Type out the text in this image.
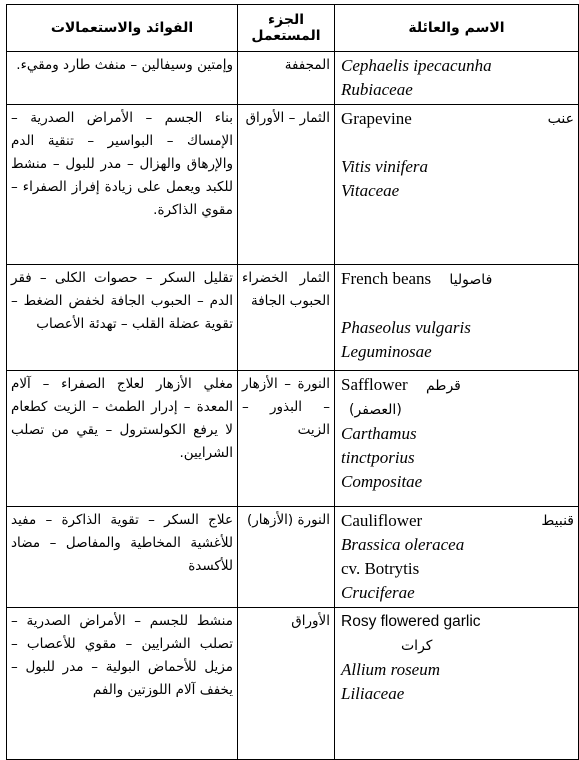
الفوائد والاستعمالات	الجزء المستعمل	الاسم والعائلة
وإمتين وسيفالين – منفث طارد ومقيء.	المجففة	Cephaelis ipecacunha
Rubiaceae

بناء الجسم – الأمراض الصدرية – الإمساك – البواسير – تنقية الدم والإرهاق والهزال – مدر للبول – منشط للكبد ويعمل على زيادة إفراز الصفراء – مقوي الذاكرة.	الثمار – الأوراق	Grapevine عنب
Vitis vinifera
Vitaceae

تقليل السكر – حصوات الكلى – فقر الدم – الحبوب الجافة لخفض الضغط – تقوية عضلة القلب – تهدئة الأعصاب	الثمار الخضراء الحبوب الجافة	French beans فاصوليا
Phaseolus vulgaris
Leguminosae

مغلي الأزهار لعلاج الصفراء – آلام المعدة – إدرار الطمث – الزيت كطعام لا يرفع الكولسترول – يقي من تصلب الشرايين.	النورة – الأزهار – البذور – الزيت	Safflower قرطم
(العصفر)
Carthamus
tinctporius
Compositae

علاج السكر – تقوية الذاكرة – مفيد للأغشية المخاطية والمفاصل – مضاد للأكسدة	النورة (الأزهار)	Cauliflower قنبيط
Brassica oleracea
cv. Botrytis
Cruciferae

منشط للجسم – الأمراض الصدرية – تصلب الشرايين – مقوي للأعصاب – مزيل للأحماض البولية – مدر للبول – يخفف آلام اللوزتين والفم	الأوراق	Rosy flowered garlic
كرات
Allium roseum
Liliaceae
